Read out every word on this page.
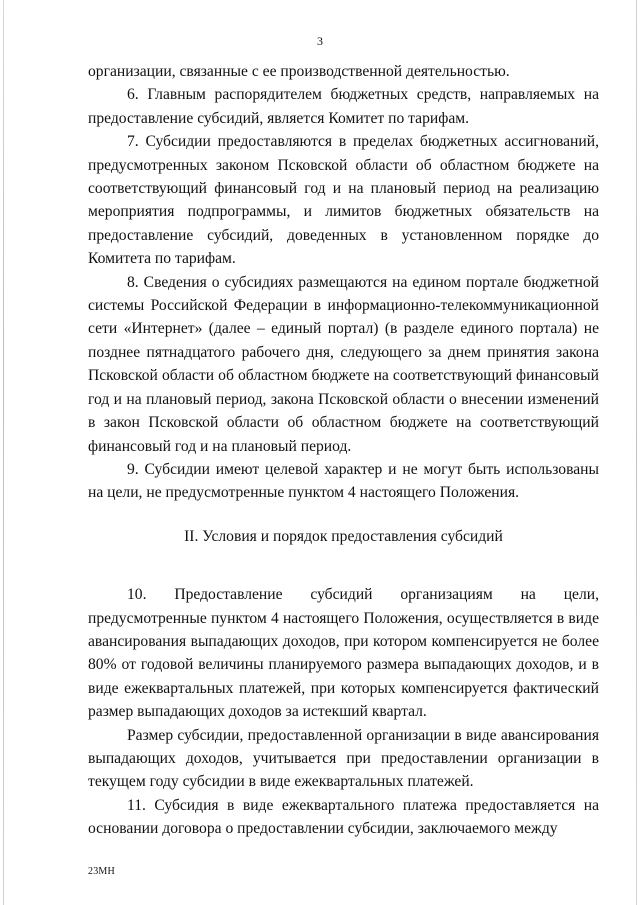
3

организации, связанные с ее производственной деятельностью.

6. Главным распорядителем бюджетных средств, направляемых на предоставление субсидий, является Комитет по тарифам.

7. Субсидии предоставляются в пределах бюджетных ассигнований, предусмотренных законом Псковской области об областном бюджете на соответствующий финансовый год и на плановый период на реализацию мероприятия подпрограммы, и лимитов бюджетных обязательств на предоставление субсидий, доведенных в установленном порядке до Комитета по тарифам.

8. Сведения о субсидиях размещаются на едином портале бюджетной системы Российской Федерации в информационно-телекоммуникационной сети «Интернет» (далее – единый портал) (в разделе единого портала) не позднее пятнадцатого рабочего дня, следующего за днем принятия закона Псковской области об областном бюджете на соответствующий финансовый год и на плановый период, закона Псковской области о внесении изменений в закон Псковской области об областном бюджете на соответствующий финансовый год и на плановый период.

9. Субсидии имеют целевой характер и не могут быть использованы на цели, не предусмотренные пунктом 4 настоящего Положения.

II. Условия и порядок предоставления субсидий

10. Предоставление субсидий организациям на цели, предусмотренные пунктом 4 настоящего Положения, осуществляется в виде авансирования выпадающих доходов, при котором компенсируется не более 80% от годовой величины планируемого размера выпадающих доходов, и в виде ежеквартальных платежей, при которых компенсируется фактический размер выпадающих доходов за истекший квартал.

Размер субсидии, предоставленной организации в виде авансирования выпадающих доходов, учитывается при предоставлении организации в текущем году субсидии в виде ежеквартальных платежей.

11. Субсидия в виде ежеквартального платежа предоставляется на основании договора о предоставлении субсидии, заключаемого между

23МН
